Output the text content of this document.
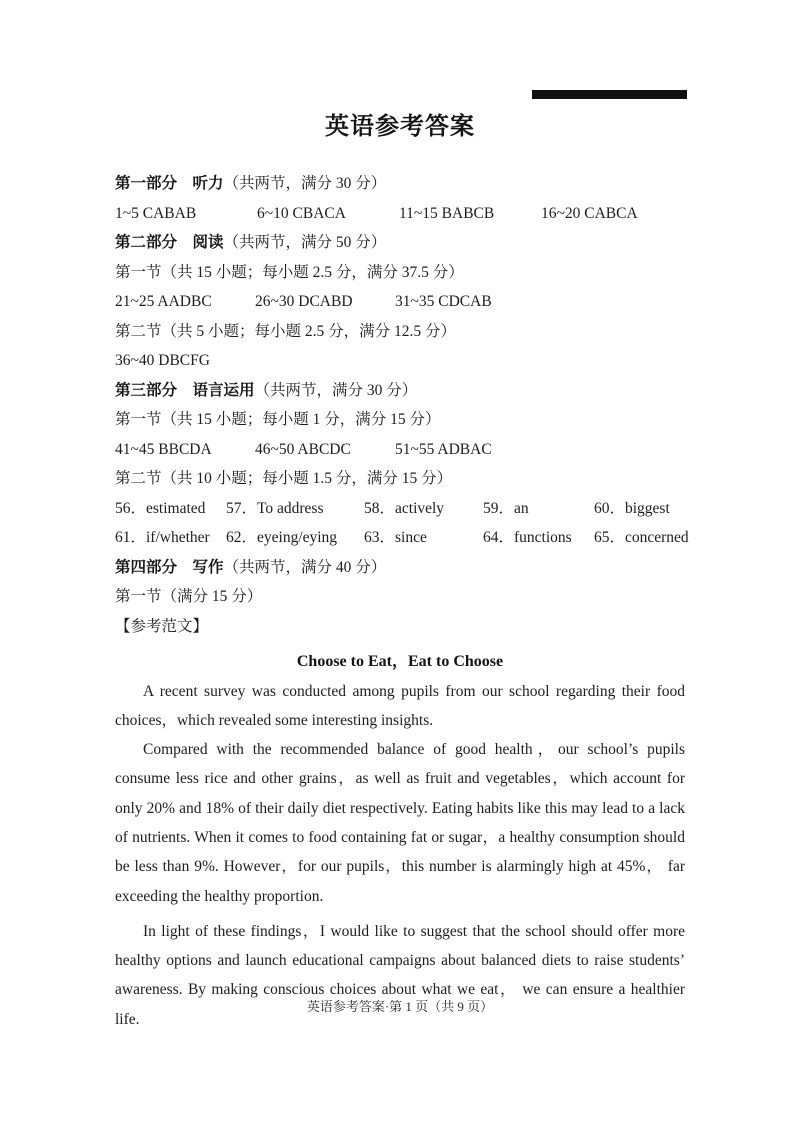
英语参考答案
第一部分　听力（共两节，满分 30 分）
1~5 CABAB	6~10 CBACA	11~15 BABCB	16~20 CABCA
第二部分　阅读（共两节，满分 50 分）
第一节（共 15 小题；每小题 2.5 分，满分 37.5 分）
21~25 AADBC	26~30 DCABD	31~35 CDCAB
第二节（共 5 小题；每小题 2.5 分，满分 12.5 分）
36~40 DBCFG
第三部分　语言运用（共两节，满分 30 分）
第一节（共 15 小题；每小题 1 分，满分 15 分）
41~45 BBCDA	46~50 ABCDC	51~55 ADBAC
第二节（共 10 小题；每小题 1.5 分，满分 15 分）
56．estimated 57．To address	58．actively	59．an	60．biggest
61．if/whether 62．eyeing/eying 63．since	64．functions 65．concerned
第四部分　写作（共两节，满分 40 分）
第一节（满分 15 分）
【参考范文】
Choose to Eat，Eat to Choose

A recent survey was conducted among pupils from our school regarding their food choices，which revealed some interesting insights.

Compared with the recommended balance of good health，our school’s pupils consume less rice and other grains，as well as fruit and vegetables，which account for only 20% and 18% of their daily diet respectively. Eating habits like this may lead to a lack of nutrients. When it comes to food containing fat or sugar，a healthy consumption should be less than 9%. However，for our pupils，this number is alarmingly high at 45%， far exceeding the healthy proportion.

In light of these findings，I would like to suggest that the school should offer more healthy options and launch educational campaigns about balanced diets to raise students’ awareness. By making conscious choices about what we eat， we can ensure a healthier life.

英语参考答案·第 1 页（共 9 页）
